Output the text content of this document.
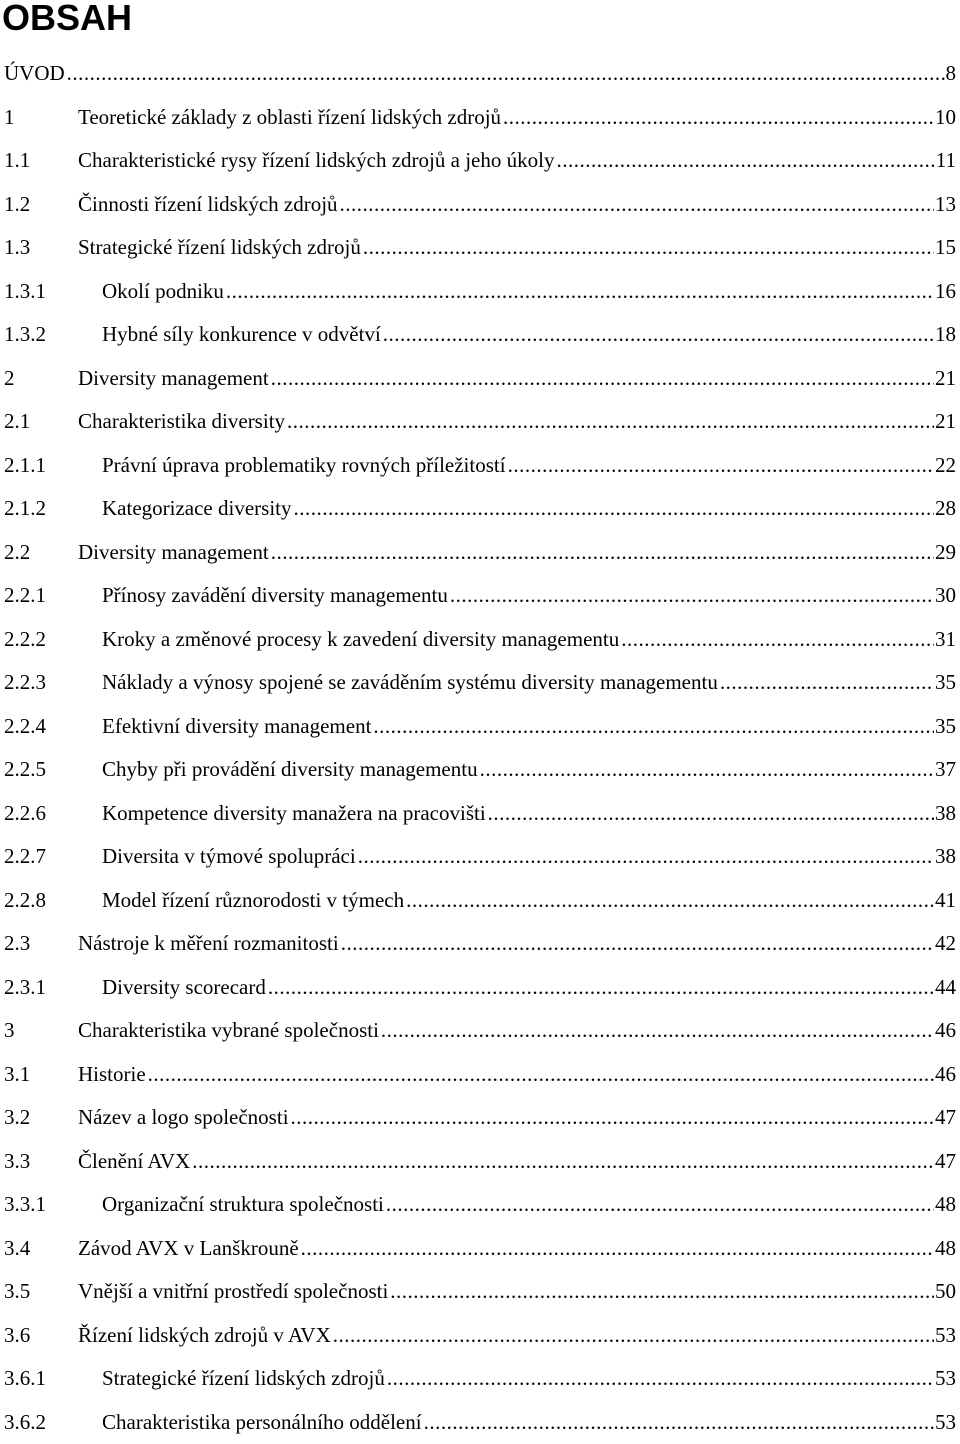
OBSAH
ÚVOD .....	8
1	Teoretické základy z oblasti řízení lidských zdrojů .....	10
1.1 Charakteristické rysy řízení lidských zdrojů a jeho úkoly .....	11
1.2 Činnosti řízení lidských zdrojů .....	13
1.3 Strategické řízení lidských zdrojů .....	15
1.3.1	Okolí podniku .....	16
1.3.2	Hybné síly konkurence v odvětví .....	18
2	Diversity management .....	21
2.1 Charakteristika diversity .....	21
2.1.1	Právní úprava problematiky rovných příležitostí .....	22
2.1.2	Kategorizace diversity .....	28
2.2 Diversity management .....	29
2.2.1	Přínosy zavádění diversity managementu .....	30
2.2.2	Kroky a změnové procesy k zavedení diversity managementu .....	31
2.2.3	Náklady a výnosy spojené se zaváděním systému diversity managementu .....	35
2.2.4	Efektivní diversity management .....	35
2.2.5	Chyby při provádění diversity managementu .....	37
2.2.6	Kompetence diversity manažera na pracovišti .....	38
2.2.7	Diversita v týmové spolupráci .....	38
2.2.8	Model řízení různorodosti v týmech .....	41
2.3 Nástroje k měření rozmanitosti .....	42
2.3.1	Diversity scorecard .....	44
3	Charakteristika vybrané společnosti .....	46
3.1 Historie .....	46
3.2 Název a logo společnosti .....	47
3.3 Členění AVX .....	47
3.3.1	Organizační struktura společnosti .....	48
3.4 Závod AVX v Lanškrouně .....	48
3.5 Vnější a vnitřní prostředí společnosti .....	50
3.6 Řízení lidských zdrojů v AVX .....	53
3.6.1	Strategické řízení lidských zdrojů .....	53
3.6.2	Charakteristika personálního oddělení .....	53
